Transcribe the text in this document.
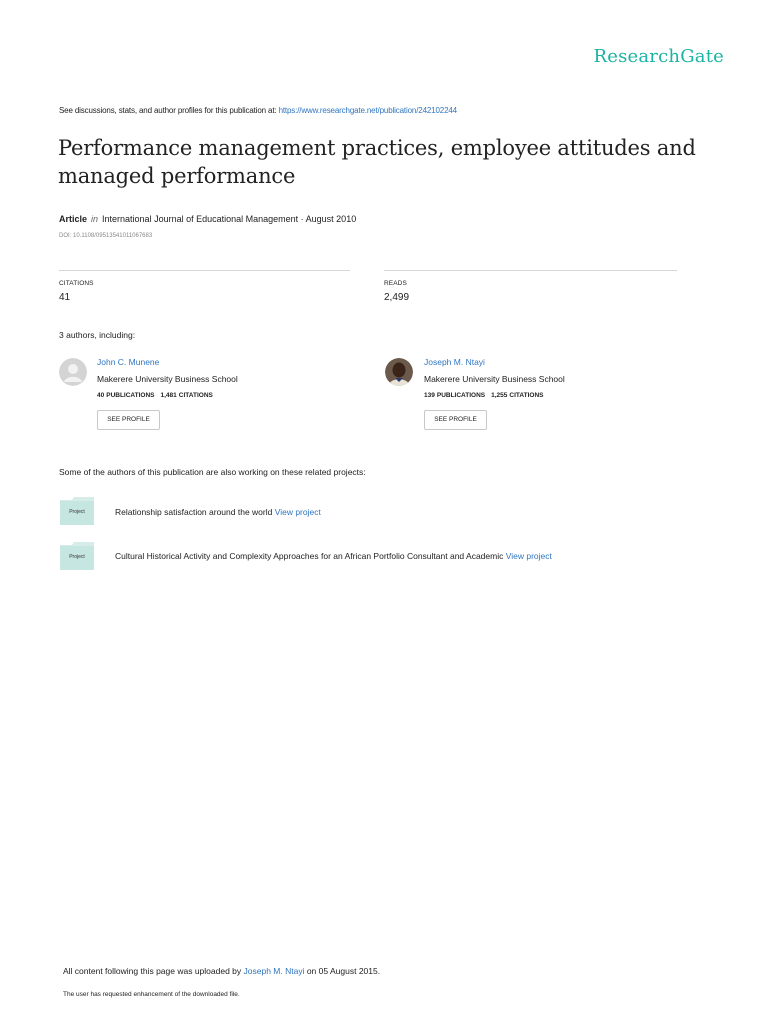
ResearchGate
See discussions, stats, and author profiles for this publication at: https://www.researchgate.net/publication/242102244
Performance management practices, employee attitudes and managed performance
Article in International Journal of Educational Management · August 2010
DOI: 10.1108/09513541011067683
CITATIONS
41
READS
2,499
3 authors, including:
John C. Munene
Makerere University Business School
40 PUBLICATIONS 1,481 CITATIONS
SEE PROFILE
Joseph M. Ntayi
Makerere University Business School
139 PUBLICATIONS 1,255 CITATIONS
SEE PROFILE
Some of the authors of this publication are also working on these related projects:
Project	Relationship satisfaction around the world View project
Project	Cultural Historical Activity and Complexity Approaches for an African Portfolio Consultant and Academic View project
All content following this page was uploaded by Joseph M. Ntayi on 05 August 2015.
The user has requested enhancement of the downloaded file.
